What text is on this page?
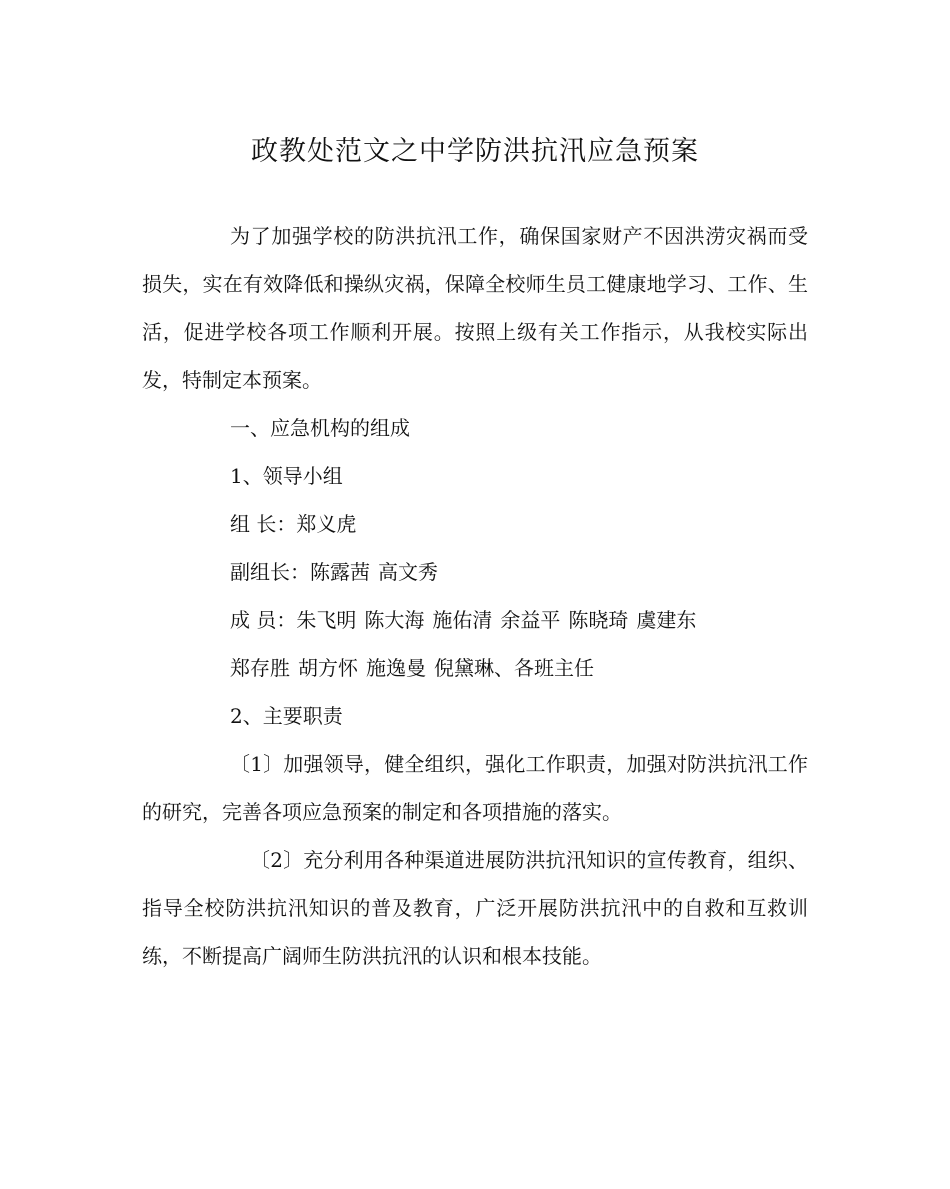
政教处范文之中学防洪抗汛应急预案

为了加强学校的防洪抗汛工作，确保国家财产不因洪涝灾祸而受损失，实在有效降低和操纵灾祸，保障全校师生员工健康地学习、工作、生活，促进学校各项工作顺利开展。按照上级有关工作指示，从我校实际出发，特制定本预案。

一、应急机构的组成

1、领导小组

组 长：郑义虎

副组长：陈露茜 高文秀

成 员：朱飞明 陈大海 施佑清 余益平 陈晓琦 虞建东

郑存胜 胡方怀 施逸曼 倪黛琳、各班主任

2、主要职责

〔1〕加强领导，健全组织，强化工作职责，加强对防洪抗汛工作的研究，完善各项应急预案的制定和各项措施的落实。

〔2〕充分利用各种渠道进展防洪抗汛知识的宣传教育，组织、指导全校防洪抗汛知识的普及教育，广泛开展防洪抗汛中的自救和互救训练，不断提高广阔师生防洪抗汛的认识和根本技能。
